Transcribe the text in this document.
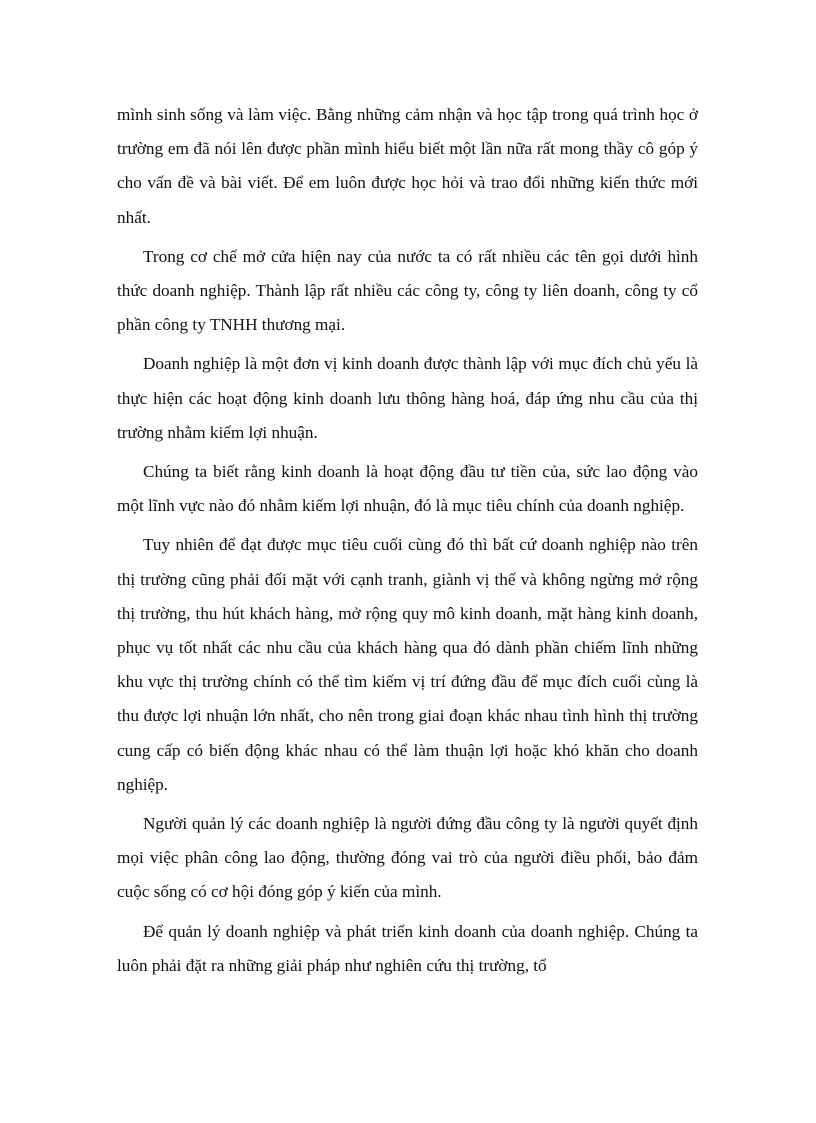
mình sinh sống và làm việc. Bằng những cảm nhận và học tập trong quá trình học ở trường em đã nói lên được phần mình hiểu biết một lần nữa rất mong thầy cô góp ý cho vấn đề và bài viết. Để em luôn được học hỏi và trao đổi những kiến thức mới nhất.

Trong cơ chế mở cửa hiện nay của nước ta có rất nhiều các tên gọi dưới hình thức doanh nghiệp. Thành lập rất nhiều các công ty, công ty liên doanh, công ty cổ phần công ty TNHH thương mại.

Doanh nghiệp là một đơn vị kinh doanh được thành lập với mục đích chủ yếu là thực hiện các hoạt động kinh doanh lưu thông hàng hoá, đáp ứng nhu cầu của thị trường nhằm kiếm lợi nhuận.

Chúng ta biết rằng kinh doanh là hoạt động đầu tư tiền của, sức lao động vào một lĩnh vực nào đó nhằm kiếm lợi nhuận, đó là mục tiêu chính của doanh nghiệp.

Tuy nhiên để đạt được mục tiêu cuối cùng đó thì bất cứ doanh nghiệp nào trên thị trường cũng phải đối mặt với cạnh tranh, giành vị thế và không ngừng mở rộng thị trường, thu hút khách hàng, mở rộng quy mô kinh doanh, mặt hàng kinh doanh, phục vụ tốt nhất các nhu cầu của khách hàng qua đó dành phần chiếm lĩnh những khu vực thị trường chính có thể tìm kiếm vị trí đứng đầu để mục đích cuối cùng là thu được lợi nhuận lớn nhất, cho nên trong giai đoạn khác nhau tình hình thị trường cung cấp có biến động khác nhau có thể làm thuận lợi hoặc khó khăn cho doanh nghiệp.

Người quản lý các doanh nghiệp là người đứng đầu công ty là người quyết định mọi việc phân công lao động, thường đóng vai trò của người điều phối, bảo đảm cuộc sống có cơ hội đóng góp ý kiến của mình.

Để quản lý doanh nghiệp và phát triển kinh doanh của doanh nghiệp. Chúng ta luôn phải đặt ra những giải pháp như nghiên cứu thị trường, tổ
